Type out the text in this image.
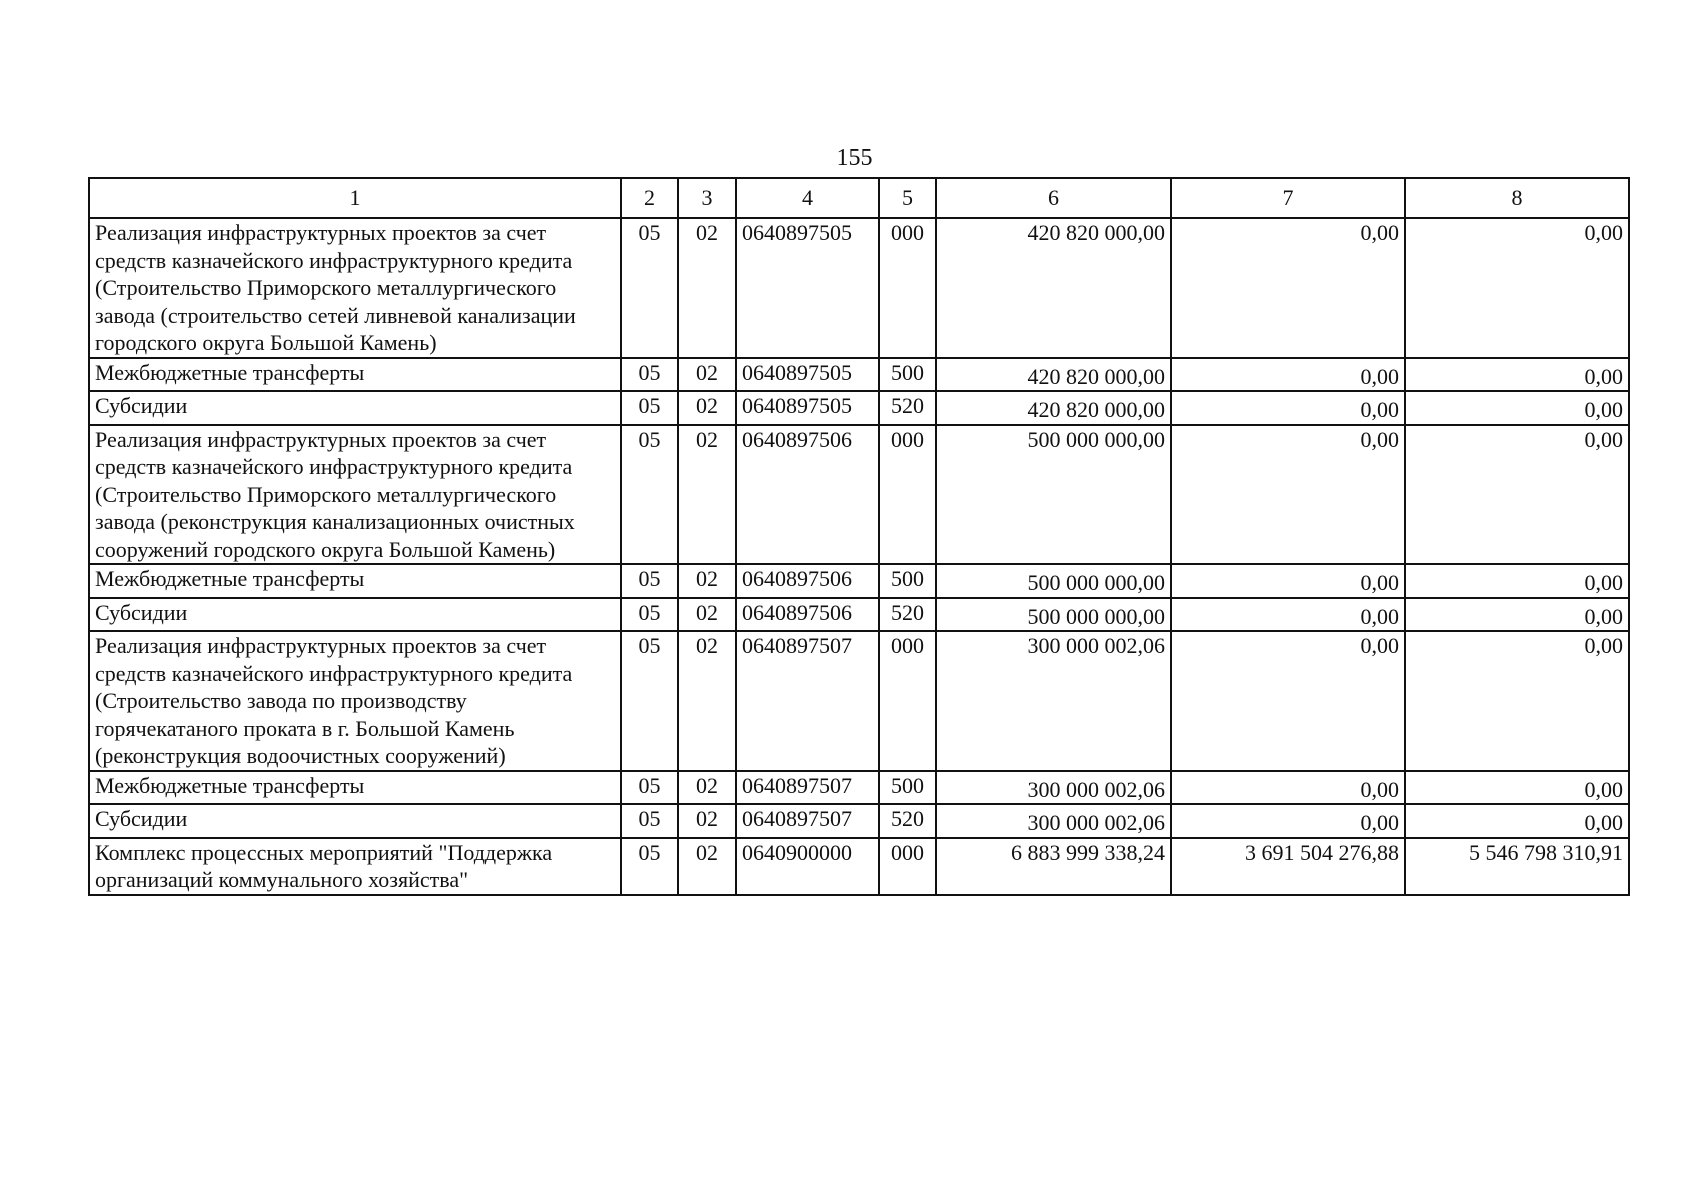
155
1	2	3	4	5	6	7	8
Реализация инфраструктурных проектов за счет средств казначейского инфраструктурного кредита (Строительство Приморского металлургического завода (строительство сетей ливневой канализации городского округа Большой Камень)	05	02	0640897505	000	420 820 000,00	0,00	0,00
Межбюджетные трансферты	05	02	0640897505	500	420 820 000,00	0,00	0,00
Субсидии	05	02	0640897505	520	420 820 000,00	0,00	0,00
Реализация инфраструктурных проектов за счет средств казначейского инфраструктурного кредита (Строительство Приморского металлургического завода (реконструкция канализационных очистных сооружений городского округа Большой Камень)	05	02	0640897506	000	500 000 000,00	0,00	0,00
Межбюджетные трансферты	05	02	0640897506	500	500 000 000,00	0,00	0,00
Субсидии	05	02	0640897506	520	500 000 000,00	0,00	0,00
Реализация инфраструктурных проектов за счет средств казначейского инфраструктурного кредита (Строительство завода по производству горячекатаного проката в г. Большой Камень (реконструкция водоочистных сооружений)	05	02	0640897507	000	300 000 002,06	0,00	0,00
Межбюджетные трансферты	05	02	0640897507	500	300 000 002,06	0,00	0,00
Субсидии	05	02	0640897507	520	300 000 002,06	0,00	0,00
Комплекс процессных мероприятий "Поддержка организаций коммунального хозяйства"	05	02	0640900000	000	6 883 999 338,24	3 691 504 276,88	5 546 798 310,91
